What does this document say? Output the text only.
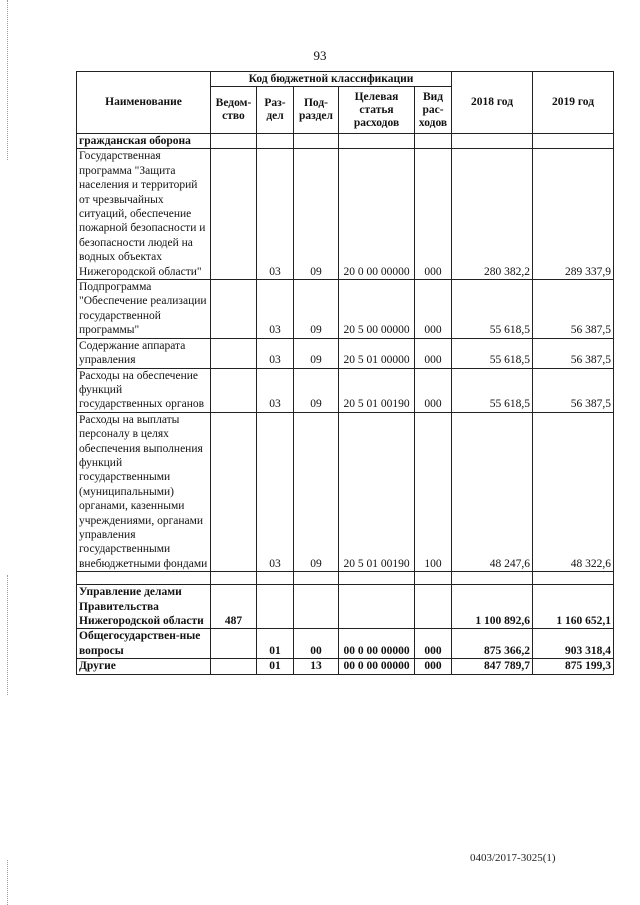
93
Наименование	Код бюджетной классификации					2018 год	2019 год
	Ведом-ство	Раз-дел	Под-раздел	Целевая статья расходов	Вид рас-ходов		
гражданская оборона							
Государственная программа "Защита населения и территорий от чрезвычайных ситуаций, обеспечение пожарной безопасности и безопасности людей на водных объектах Нижегородской области"		03	09	20 0 00 00000	000	280 382,2	289 337,9
Подпрограмма "Обеспечение реализации государственной программы"		03	09	20 5 00 00000	000	55 618,5	56 387,5
Содержание аппарата управления		03	09	20 5 01 00000	000	55 618,5	56 387,5
Расходы на обеспечение функций государственных органов		03	09	20 5 01 00190	000	55 618,5	56 387,5
Расходы на выплаты персоналу в целях обеспечения выполнения функций государственными (муниципальными) органами, казенными учреждениями, органами управления государственными внебюджетными фондами		03	09	20 5 01 00190	100	48 247,6	48 322,6

Управление делами Правительства Нижегородской области	487					1 100 892,6	1 160 652,1
Общегосударствен-ные вопросы		01	00	00 0 00 00000	000	875 366,2	903 318,4
Другие		01	13	00 0 00 00000	000	847 789,7	875 199,3
0403/2017-3025(1)
